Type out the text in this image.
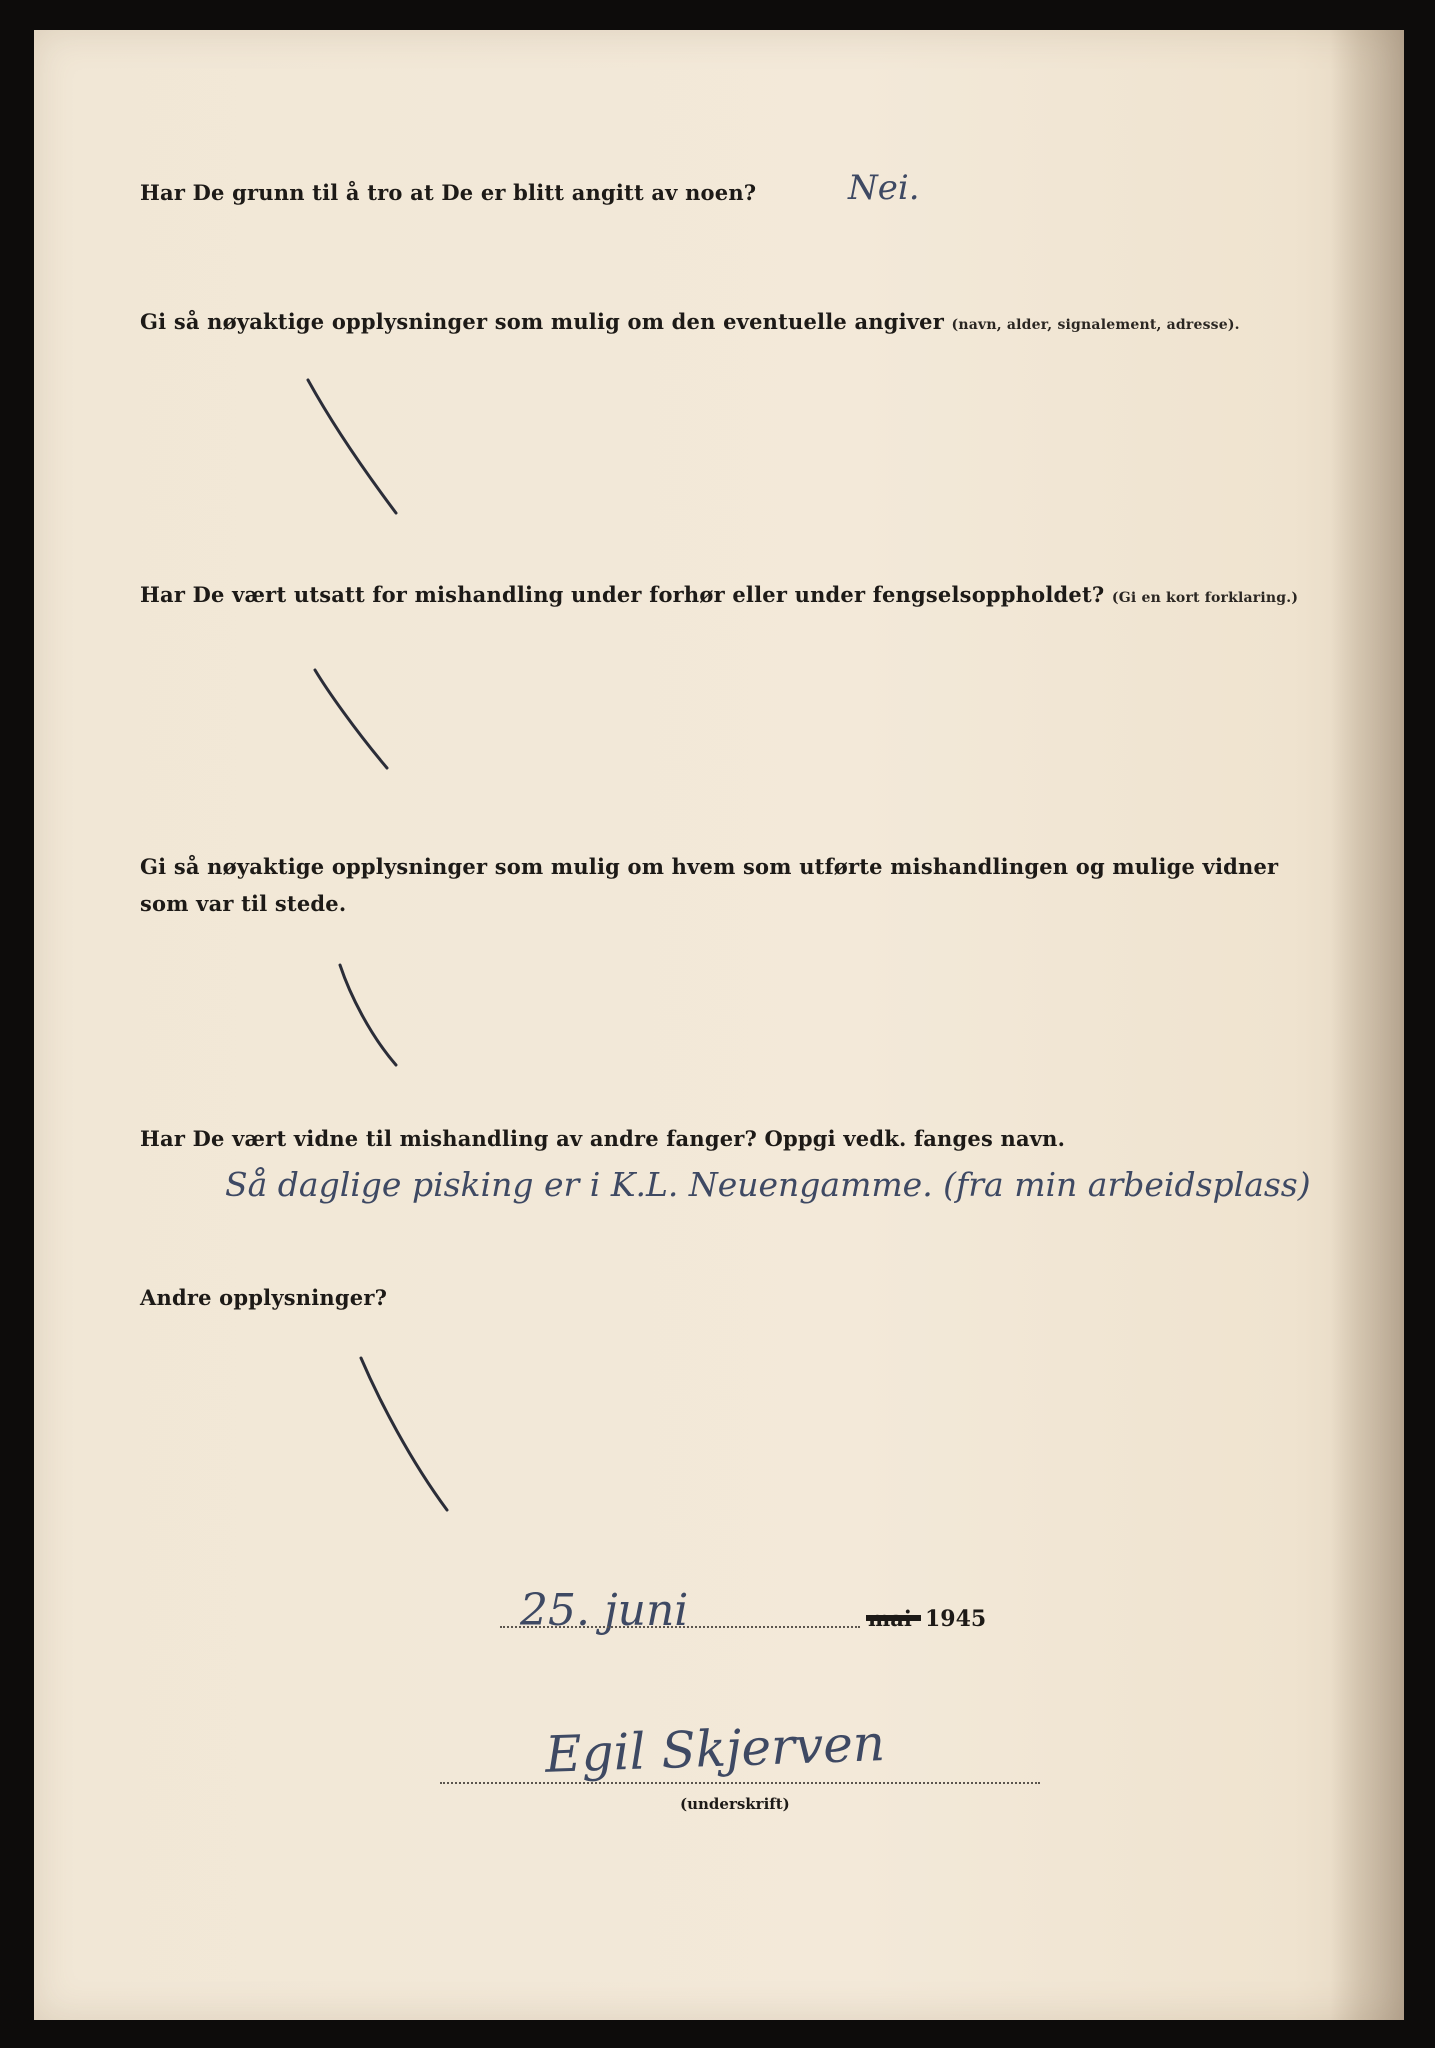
Har De grunn til å tro at De er blitt angitt av noen?	Nei.
Gi så nøyaktige opplysninger som mulig om den eventuelle angiver (navn, alder, signalement, adresse).
Har De vært utsatt for mishandling under forhør eller under fengselsoppholdet? (Gi en kort forklaring.)
Gi så nøyaktige opplysninger som mulig om hvem som utførte mishandlingen og mulige vidner
som var til stede.
Har De vært vidne til mishandling av andre fanger? Oppgi vedk. fanges navn.
Så daglige pisking er i K.L. Neuengamme. (fra min arbeidsplass)
Andre opplysninger?
25. juni	mai 1945
Egil Skjerven
(underskrift)
